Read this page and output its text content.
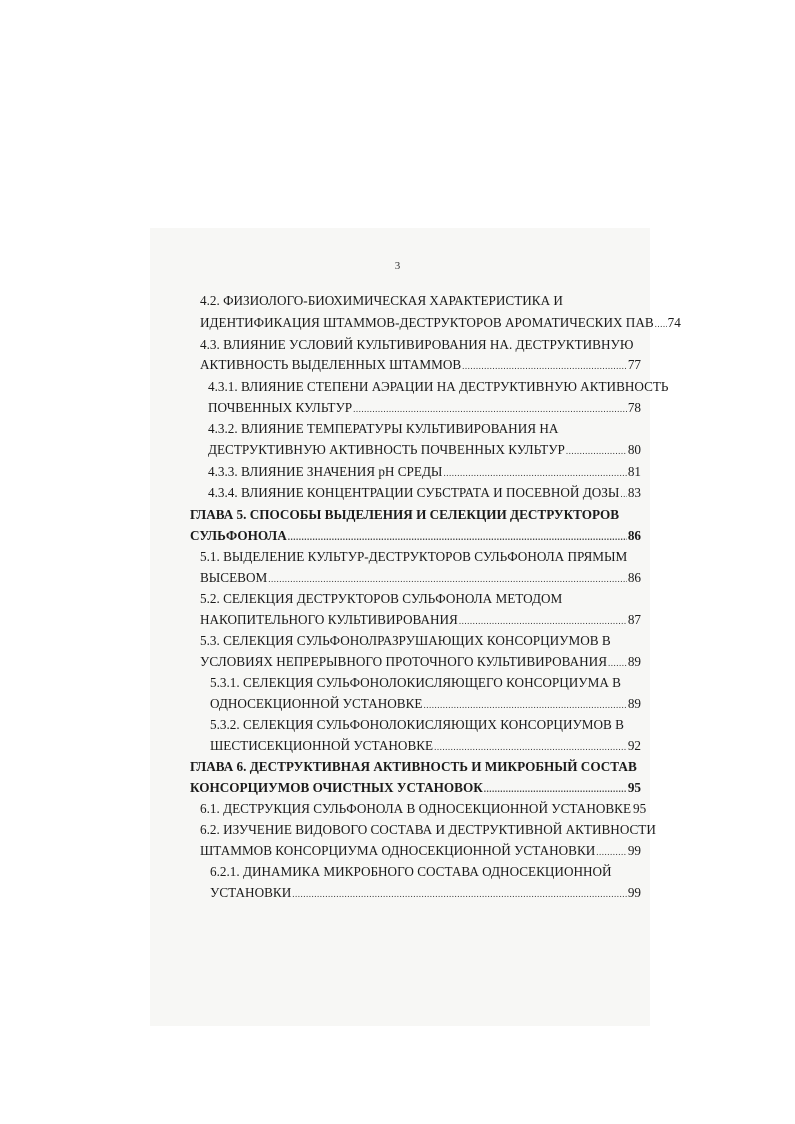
3
4.2. ФИЗИОЛОГО-БИОХИМИЧЕСКАЯ ХАРАКТЕРИСТИКА И
ИДЕНТИФИКАЦИЯ ШТАММОВ-ДЕСТРУКТОРОВ АРОМАТИЧЕСКИХ ПАВ ..... 74
4.3. ВЛИЯНИЕ УСЛОВИЙ КУЛЬТИВИРОВАНИЯ НА. ДЕСТРУКТИВНУЮ
АКТИВНОСТЬ ВЫДЕЛЕННЫХ ШТАММОВ .....	77
4.3.1. ВЛИЯНИЕ СТЕПЕНИ АЭРАЦИИ НА ДЕСТРУКТИВНУЮ АКТИВНОСТЬ
ПОЧВЕННЫХ КУЛЬТУР .....	78
4.3.2. ВЛИЯНИЕ ТЕМПЕРАТУРЫ КУЛЬТИВИРОВАНИЯ НА
ДЕСТРУКТИВНУЮ АКТИВНОСТЬ ПОЧВЕННЫХ КУЛЬТУР .....	80
4.3.3. ВЛИЯНИЕ ЗНАЧЕНИЯ pH СРЕДЫ .....	81
4.3.4. ВЛИЯНИЕ КОНЦЕНТРАЦИИ СУБСТРАТА И ПОСЕВНОЙ ДОЗЫ ..... 83
ГЛАВА 5. СПОСОБЫ ВЫДЕЛЕНИЯ И СЕЛЕКЦИИ ДЕСТРУКТОРОВ
СУЛЬФОНОЛА .....	86
5.1. ВЫДЕЛЕНИЕ КУЛЬТУР-ДЕСТРУКТОРОВ СУЛЬФОНОЛА ПРЯМЫМ
ВЫСЕВОМ .....	86
5.2. СЕЛЕКЦИЯ ДЕСТРУКТОРОВ СУЛЬФОНОЛА МЕТОДОМ
НАКОПИТЕЛЬНОГО КУЛЬТИВИРОВАНИЯ .....	87
5.3. СЕЛЕКЦИЯ СУЛЬФОНОЛРАЗРУШАЮЩИХ КОНСОРЦИУМОВ В
УСЛОВИЯХ НЕПРЕРЫВНОГО ПРОТОЧНОГО КУЛЬТИВИРОВАНИЯ ..... 89
5.3.1. СЕЛЕКЦИЯ СУЛЬФОНОЛОКИСЛЯЮЩЕГО КОНСОРЦИУМА В
ОДНОСЕКЦИОННОЙ УСТАНОВКЕ .....	89
5.3.2. СЕЛЕКЦИЯ СУЛЬФОНОЛОКИСЛЯЮЩИХ КОНСОРЦИУМОВ В
ШЕСТИСЕКЦИОННОЙ УСТАНОВКЕ .....	92
ГЛАВА 6. ДЕСТРУКТИВНАЯ АКТИВНОСТЬ И МИКРОБНЫЙ СОСТАВ
КОНСОРЦИУМОВ ОЧИСТНЫХ УСТАНОВОК .....	95
6.1. ДЕСТРУКЦИЯ СУЛЬФОНОЛА В ОДНОСЕКЦИОННОЙ УСТАНОВКЕ 95
6.2. ИЗУЧЕНИЕ ВИДОВОГО СОСТАВА И ДЕСТРУКТИВНОЙ АКТИВНОСТИ
ШТАММОВ КОНСОРЦИУМА ОДНОСЕКЦИОННОЙ УСТАНОВКИ ..... 99
6.2.1. ДИНАМИКА МИКРОБНОГО СОСТАВА ОДНОСЕКЦИОННОЙ
УСТАНОВКИ .....	99
